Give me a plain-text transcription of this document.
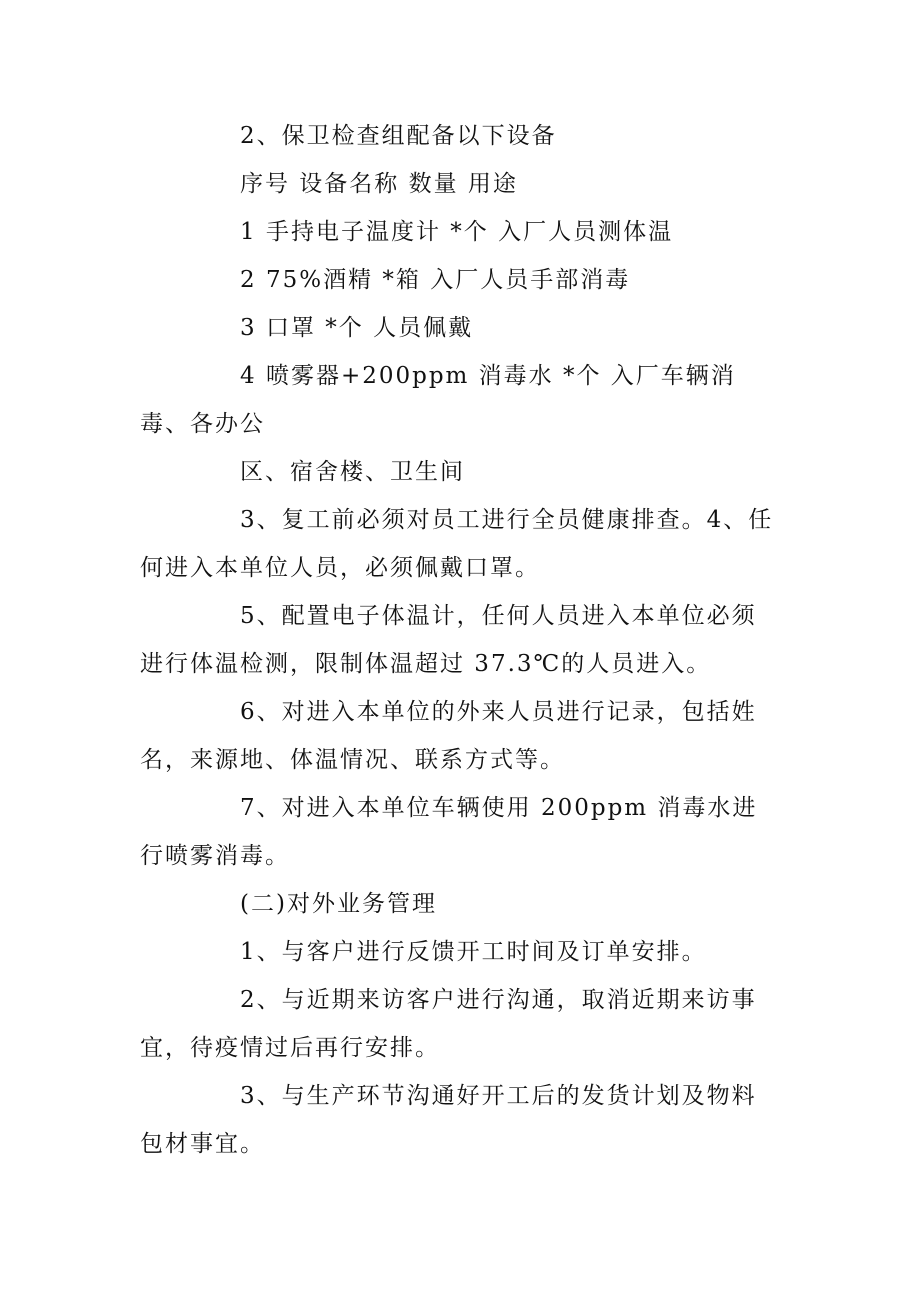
2、保卫检查组配备以下设备
序号 设备名称 数量 用途
1 手持电子温度计 *个 入厂人员测体温
2 75%酒精 *箱 入厂人员手部消毒
3 口罩 *个 人员佩戴

4 喷雾器+200ppm 消毒水 *个 入厂车辆消毒、各办公

区、宿舍楼、卫生间

3、复工前必须对员工进行全员健康排查。4、任何进入本单位人员，必须佩戴口罩。

5、配置电子体温计，任何人员进入本单位必须进行体温检测，限制体温超过 37.3℃的人员进入。

6、对进入本单位的外来人员进行记录，包括姓名，来源地、体温情况、联系方式等。

7、对进入本单位车辆使用 200ppm 消毒水进行喷雾消毒。

(二)对外业务管理

1、与客户进行反馈开工时间及订单安排。

2、与近期来访客户进行沟通，取消近期来访事宜，待疫情过后再行安排。

3、与生产环节沟通好开工后的发货计划及物料包材事宜。
